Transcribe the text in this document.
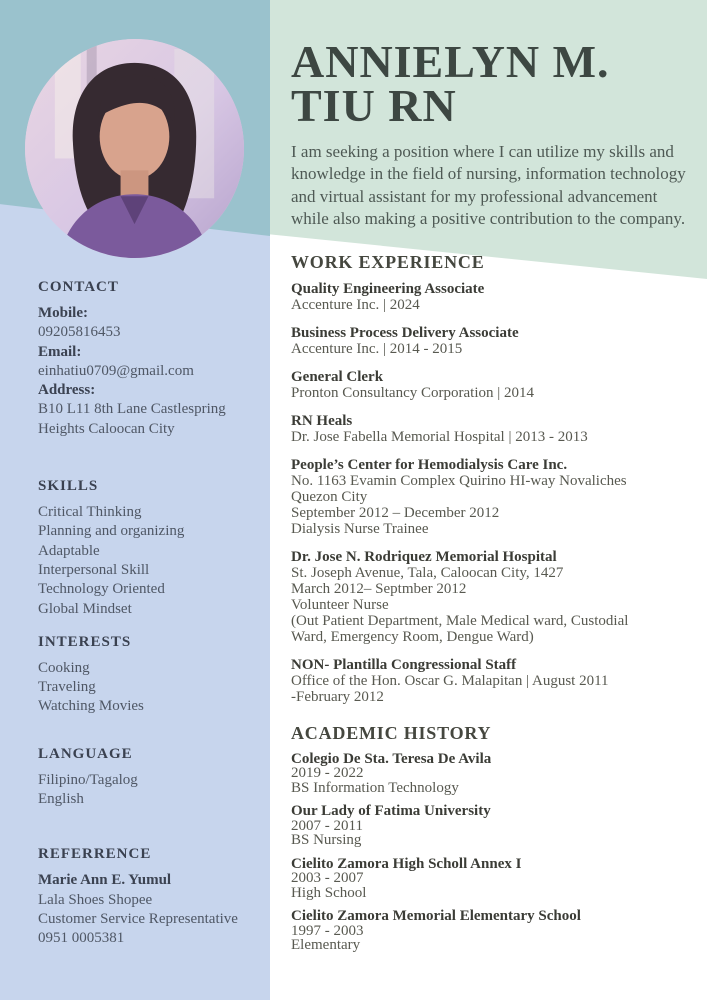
CONTACT
Mobile:
09205816453
Email:
einhatiu0709@gmail.com
Address:
B10 L11 8th Lane Castlespring
Heights Caloocan City
SKILLS
Critical Thinking
Planning and organizing
Adaptable
Interpersonal Skill
Technology Oriented
Global Mindset
INTERESTS
Cooking
Traveling
Watching Movies
LANGUAGE
Filipino/Tagalog
English
REFERRENCE
Marie Ann E. Yumul
Lala Shoes Shopee
Customer Service Representative
0951 0005381
ANNIELYN M.
TIU RN

I am seeking a position where I can utilize my skills and knowledge in the field of nursing, information technology and virtual assistant for my professional advancement while also making a positive contribution to the company.

WORK EXPERIENCE
Quality Engineering Associate
Accenture Inc. | 2024
Business Process Delivery Associate
Accenture Inc. | 2014 - 2015
General Clerk
Pronton Consultancy Corporation | 2014
RN Heals
Dr. Jose Fabella Memorial Hospital | 2013 - 2013
People’s Center for Hemodialysis Care Inc.
No. 1163 Evamin Complex Quirino HI-way Novaliches
Quezon City
September 2012 – December 2012
Dialysis Nurse Trainee
Dr. Jose N. Rodriquez Memorial Hospital
St. Joseph Avenue, Tala, Caloocan City, 1427
March 2012– Septmber 2012
Volunteer Nurse
(Out Patient Department, Male Medical ward, Custodial
Ward, Emergency Room, Dengue Ward)
NON- Plantilla Congressional Staff
Office of the Hon. Oscar G. Malapitan | August 2011
-February 2012
ACADEMIC HISTORY
Colegio De Sta. Teresa De Avila
2019 - 2022
BS Information Technology
Our Lady of Fatima University
2007 - 2011
BS Nursing
Cielito Zamora High Scholl Annex I
2003 - 2007
High School
Cielito Zamora Memorial Elementary School
1997 - 2003
Elementary
